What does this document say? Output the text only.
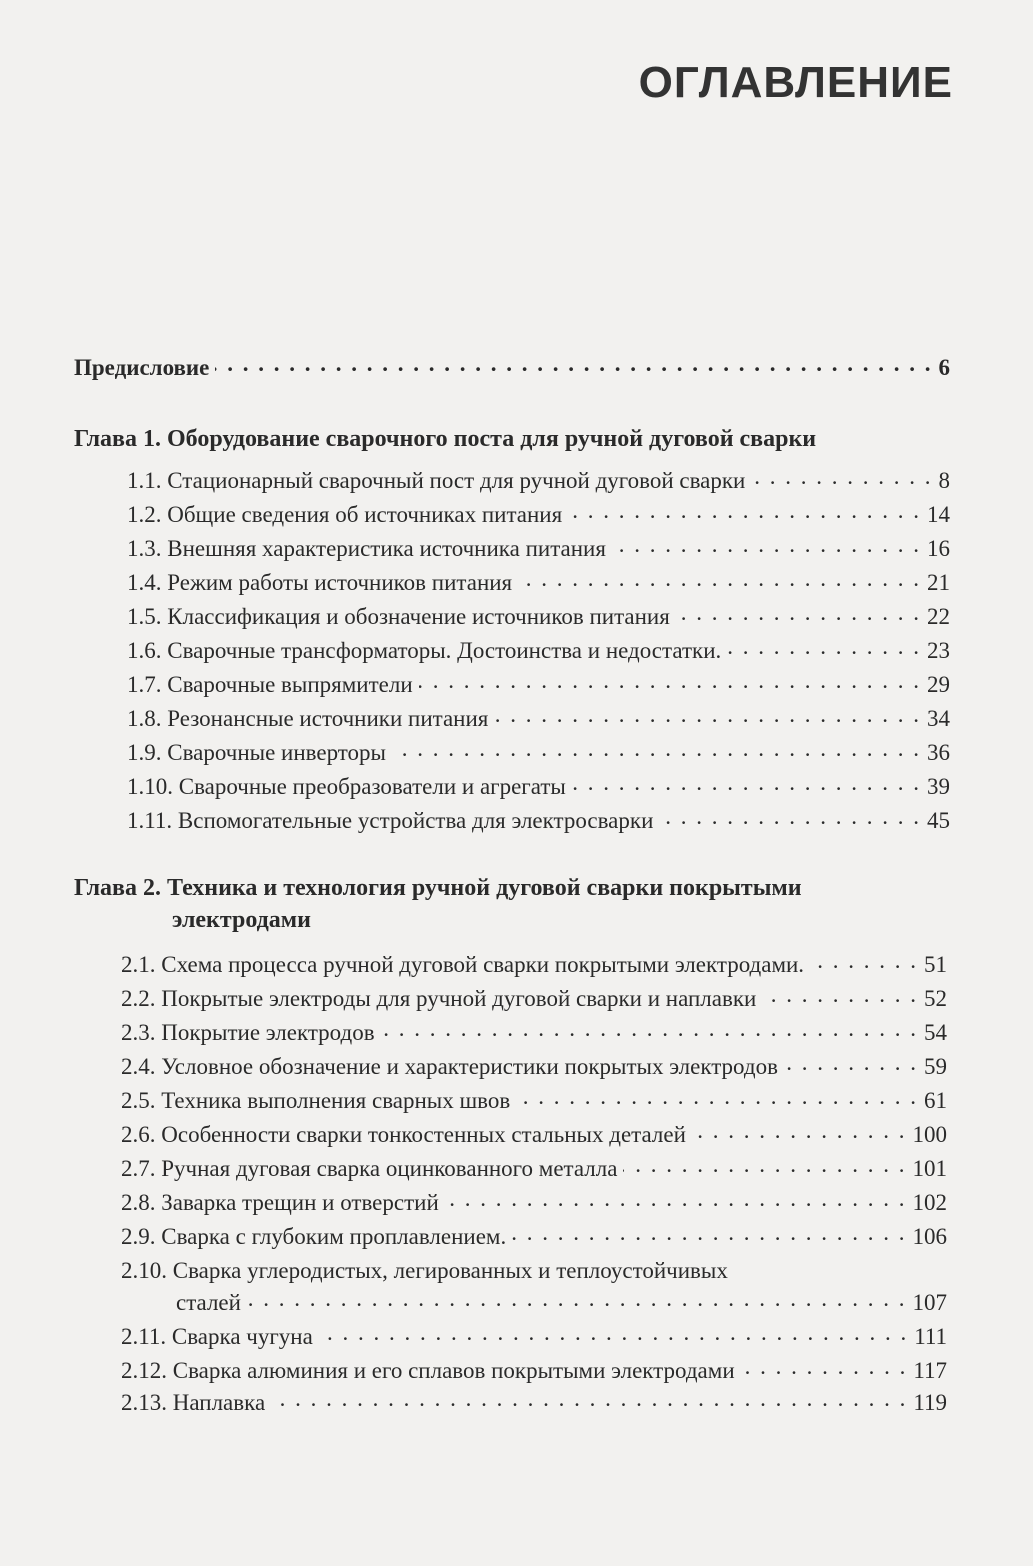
ОГЛАВЛЕНИЕ
Предисловие . . .	6
Глава 1. Оборудование сварочного поста для ручной дуговой сварки
1.1. Стационарный сварочный пост для ручной дуговой сварки . . .	8
1.2. Общие сведения об источниках питания . . .	14
1.3. Внешняя характеристика источника питания . . .	16
1.4. Режим работы источников питания . . .	21
1.5. Классификация и обозначение источников питания . . .	22
1.6. Сварочные трансформаторы. Достоинства и недостатки. . . .	23
1.7. Сварочные выпрямители . . .	29
1.8. Резонансные источники питания . . .	34
1.9. Сварочные инверторы . . .	36
1.10. Сварочные преобразователи и агрегаты . . .	39
1.11. Вспомогательные устройства для электросварки . . .	45
Глава 2. Техника и технология ручной дуговой сварки покрытыми
электродами
2.1. Схема процесса ручной дуговой сварки покрытыми электродами. . . .	51
2.2. Покрытые электроды для ручной дуговой сварки и наплавки . . .	52
2.3. Покрытие электродов . . .	54
2.4. Условное обозначение и характеристики покрытых электродов . . .	59
2.5. Техника выполнения сварных швов . . .	61
2.6. Особенности сварки тонкостенных стальных деталей . . .	100
2.7. Ручная дуговая сварка оцинкованного металла . . .	101
2.8. Заварка трещин и отверстий . . .	102
2.9. Сварка с глубоким проплавлением. . . .	106
2.10. Сварка углеродистых, легированных и теплоустойчивых
сталей . . .	107
2.11. Сварка чугуна . . .	111
2.12. Сварка алюминия и его сплавов покрытыми электродами . . .	117
2.13. Наплавка . . .	119
